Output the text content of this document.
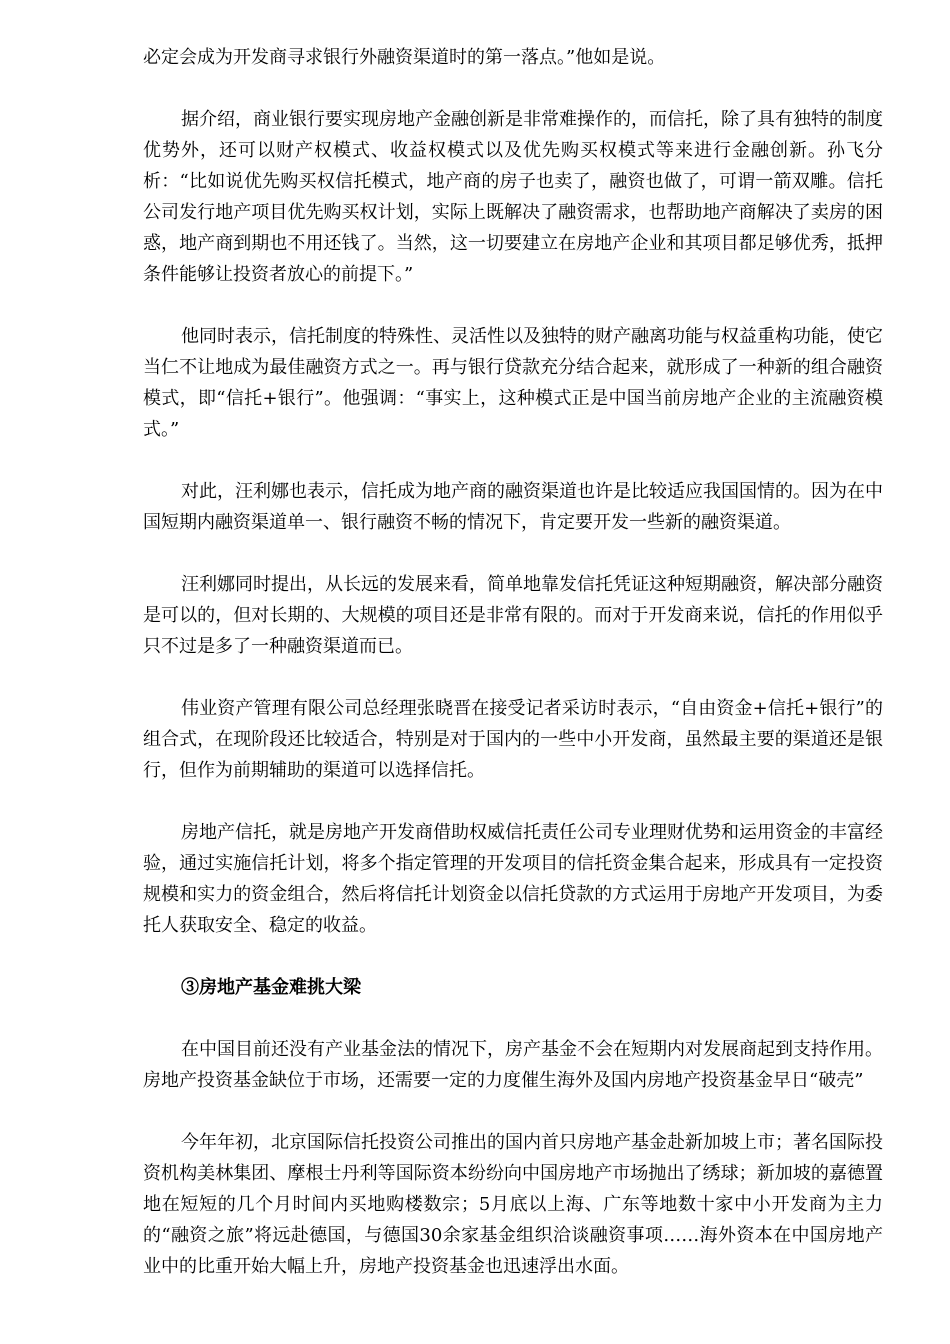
必定会成为开发商寻求银行外融资渠道时的第一落点。”他如是说。

据介绍，商业银行要实现房地产金融创新是非常难操作的，而信托，除了具有独特的制度优势外，还可以财产权模式、收益权模式以及优先购买权模式等来进行金融创新。孙飞分析：“比如说优先购买权信托模式，地产商的房子也卖了，融资也做了，可谓一箭双雕。信托公司发行地产项目优先购买权计划，实际上既解决了融资需求，也帮助地产商解决了卖房的困惑，地产商到期也不用还钱了。当然，这一切要建立在房地产企业和其项目都足够优秀，抵押条件能够让投资者放心的前提下。”

他同时表示，信托制度的特殊性、灵活性以及独特的财产融离功能与权益重构功能，使它当仁不让地成为最佳融资方式之一。再与银行贷款充分结合起来，就形成了一种新的组合融资模式，即“信托+银行”。他强调：“事实上，这种模式正是中国当前房地产企业的主流融资模式。”

对此，汪利娜也表示，信托成为地产商的融资渠道也许是比较适应我国国情的。因为在中国短期内融资渠道单一、银行融资不畅的情况下，肯定要开发一些新的融资渠道。

汪利娜同时提出，从长远的发展来看，简单地靠发信托凭证这种短期融资，解决部分融资是可以的，但对长期的、大规模的项目还是非常有限的。而对于开发商来说，信托的作用似乎只不过是多了一种融资渠道而已。

伟业资产管理有限公司总经理张晓晋在接受记者采访时表示，“自由资金+信托+银行”的组合式，在现阶段还比较适合，特别是对于国内的一些中小开发商，虽然最主要的渠道还是银行，但作为前期辅助的渠道可以选择信托。

房地产信托，就是房地产开发商借助权威信托责任公司专业理财优势和运用资金的丰富经验，通过实施信托计划，将多个指定管理的开发项目的信托资金集合起来，形成具有一定投资规模和实力的资金组合，然后将信托计划资金以信托贷款的方式运用于房地产开发项目，为委托人获取安全、稳定的收益。

③房地产基金难挑大梁

在中国目前还没有产业基金法的情况下，房产基金不会在短期内对发展商起到支持作用。房地产投资基金缺位于市场，还需要一定的力度催生海外及国内房地产投资基金早日“破壳”

今年年初，北京国际信托投资公司推出的国内首只房地产基金赴新加坡上市；著名国际投资机构美林集团、摩根士丹利等国际资本纷纷向中国房地产市场抛出了绣球；新加坡的嘉德置地在短短的几个月时间内买地购楼数宗；5月底以上海、广东等地数十家中小开发商为主力的“融资之旅”将远赴德国，与德国30余家基金组织洽谈融资事项……海外资本在中国房地产业中的比重开始大幅上升，房地产投资基金也迅速浮出水面。
